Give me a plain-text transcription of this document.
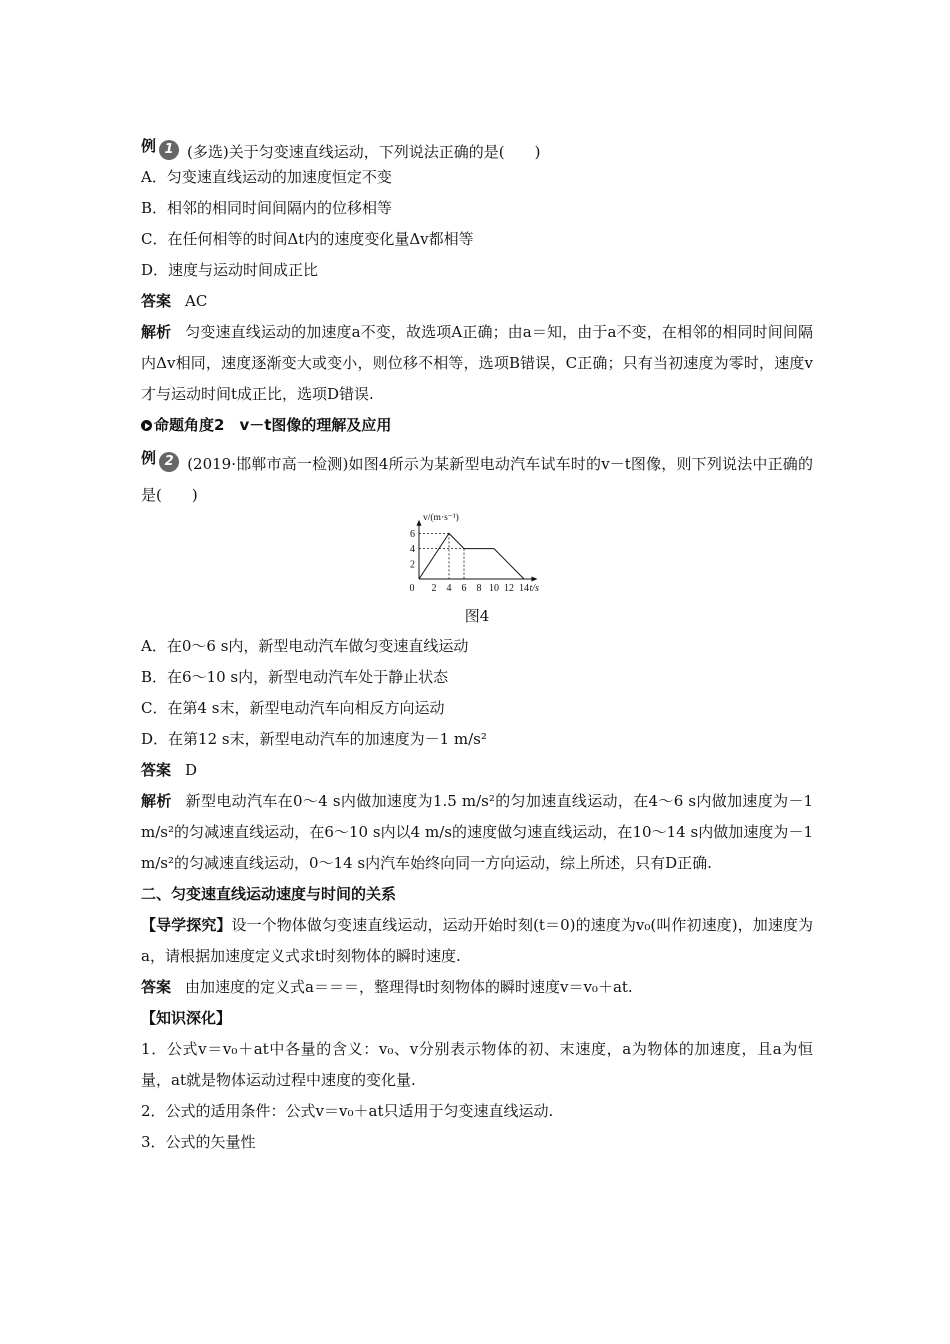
例 1 (多选)关于匀变速直线运动，下列说法正确的是(　　)
A．匀变速直线运动的加速度恒定不变
B．相邻的相同时间间隔内的位移相等
C．在任何相等的时间Δt内的速度变化量Δv都相等
D．速度与运动时间成正比
答案 AC
解析 匀变速直线运动的加速度a不变，故选项A正确；由a＝知，由于a不变，在相邻的相同时间间隔内Δv相同，速度逐渐变大或变小，则位移不相等，选项B错误，C正确；只有当初速度为零时，速度v才与运动时间t成正比，选项D错误.
命题角度2　v－t图像的理解及应用
例 2 (2019·邯郸市高一检测)如图4所示为某新型电动汽车试车时的v－t图像，则下列说法中正确的是(　　)
0 2 4 6 8 10 12 14
2
4
6
t/s
v/(m·s⁻¹)
图4
A．在0～6 s内，新型电动汽车做匀变速直线运动
B．在6～10 s内，新型电动汽车处于静止状态
C．在第4 s末，新型电动汽车向相反方向运动
D．在第12 s末，新型电动汽车的加速度为－1 m/s²
答案 D
解析 新型电动汽车在0～4 s内做加速度为1.5 m/s²的匀加速直线运动，在4～6 s内做加速度为－1 m/s²的匀减速直线运动，在6～10 s内以4 m/s的速度做匀速直线运动，在10～14 s内做加速度为－1 m/s²的匀减速直线运动，0～14 s内汽车始终向同一方向运动，综上所述，只有D正确.
二、匀变速直线运动速度与时间的关系
【导学探究】设一个物体做匀变速直线运动，运动开始时刻(t＝0)的速度为v₀(叫作初速度)，加速度为a，请根据加速度定义式求t时刻物体的瞬时速度.
答案 由加速度的定义式a＝＝＝，整理得t时刻物体的瞬时速度v＝v₀＋at.
【知识深化】
1．公式v＝v₀＋at中各量的含义：v₀、v分别表示物体的初、末速度，a为物体的加速度，且a为恒量，at就是物体运动过程中速度的变化量.
2．公式的适用条件：公式v＝v₀＋at只适用于匀变速直线运动.
3．公式的矢量性
